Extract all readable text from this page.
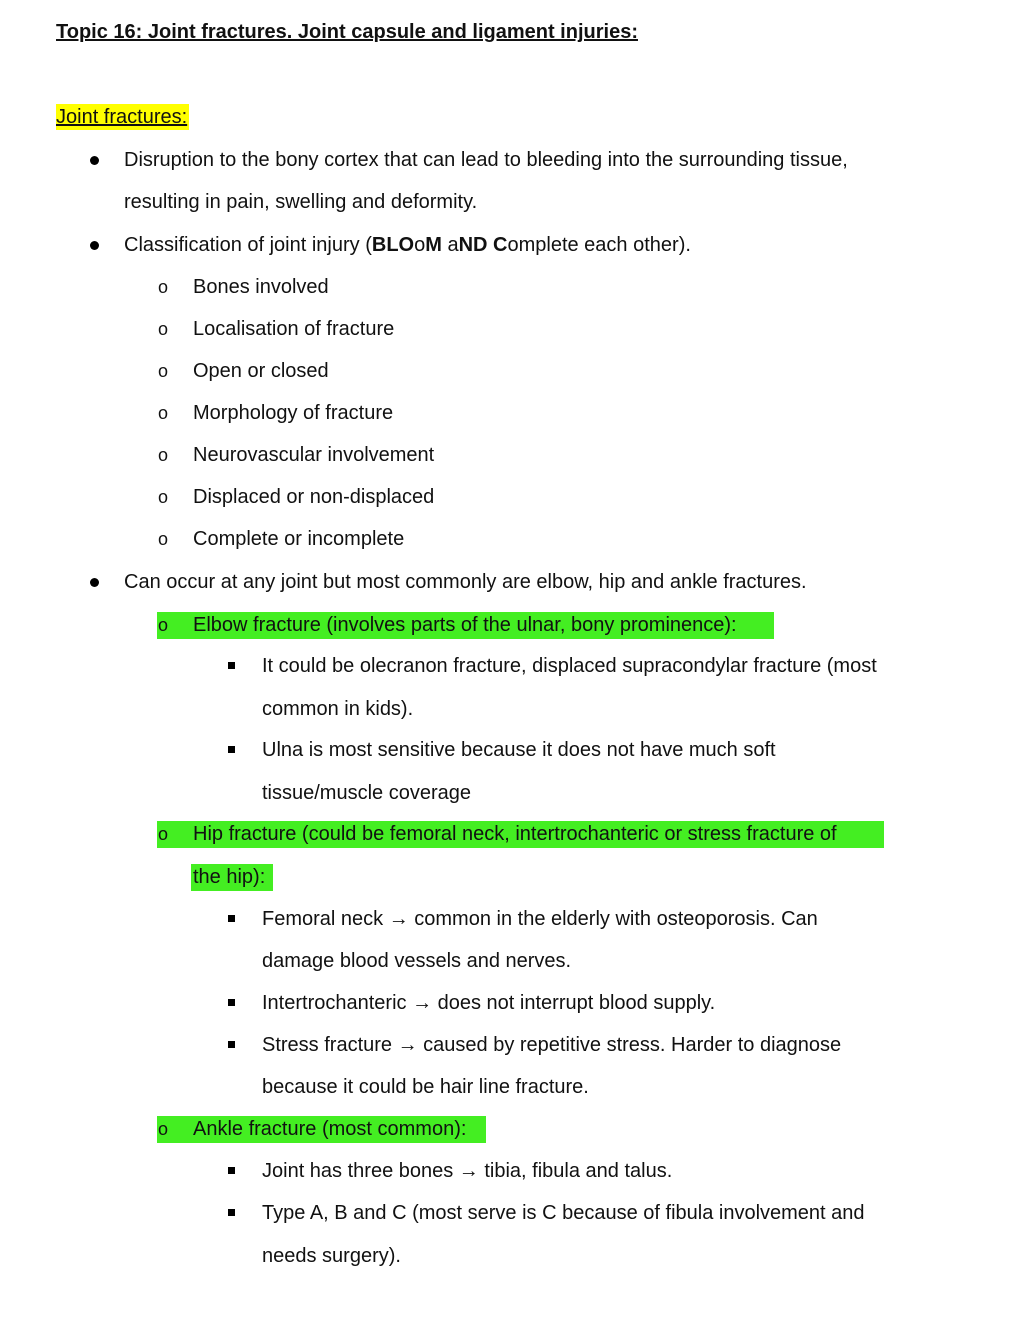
Topic 16: Joint fractures. Joint capsule and ligament injuries:
Joint fractures:
Disruption to the bony cortex that can lead to bleeding into the surrounding tissue,
resulting in pain, swelling and deformity.
Classification of joint injury (BLOoM aND Complete each other).
o Bones involved
o Localisation of fracture
o Open or closed
o Morphology of fracture
o Neurovascular involvement
o Displaced or non-displaced
o Complete or incomplete
Can occur at any joint but most commonly are elbow, hip and ankle fractures.
o Elbow fracture (involves parts of the ulnar, bony prominence):
It could be olecranon fracture, displaced supracondylar fracture (most
common in kids).
Ulna is most sensitive because it does not have much soft
tissue/muscle coverage
o Hip fracture (could be femoral neck, intertrochanteric or stress fracture of
the hip):
Femoral neck → common in the elderly with osteoporosis. Can
damage blood vessels and nerves.
Intertrochanteric → does not interrupt blood supply.
Stress fracture → caused by repetitive stress. Harder to diagnose
because it could be hair line fracture.
o Ankle fracture (most common):
Joint has three bones → tibia, fibula and talus.
Type A, B and C (most serve is C because of fibula involvement and
needs surgery).
